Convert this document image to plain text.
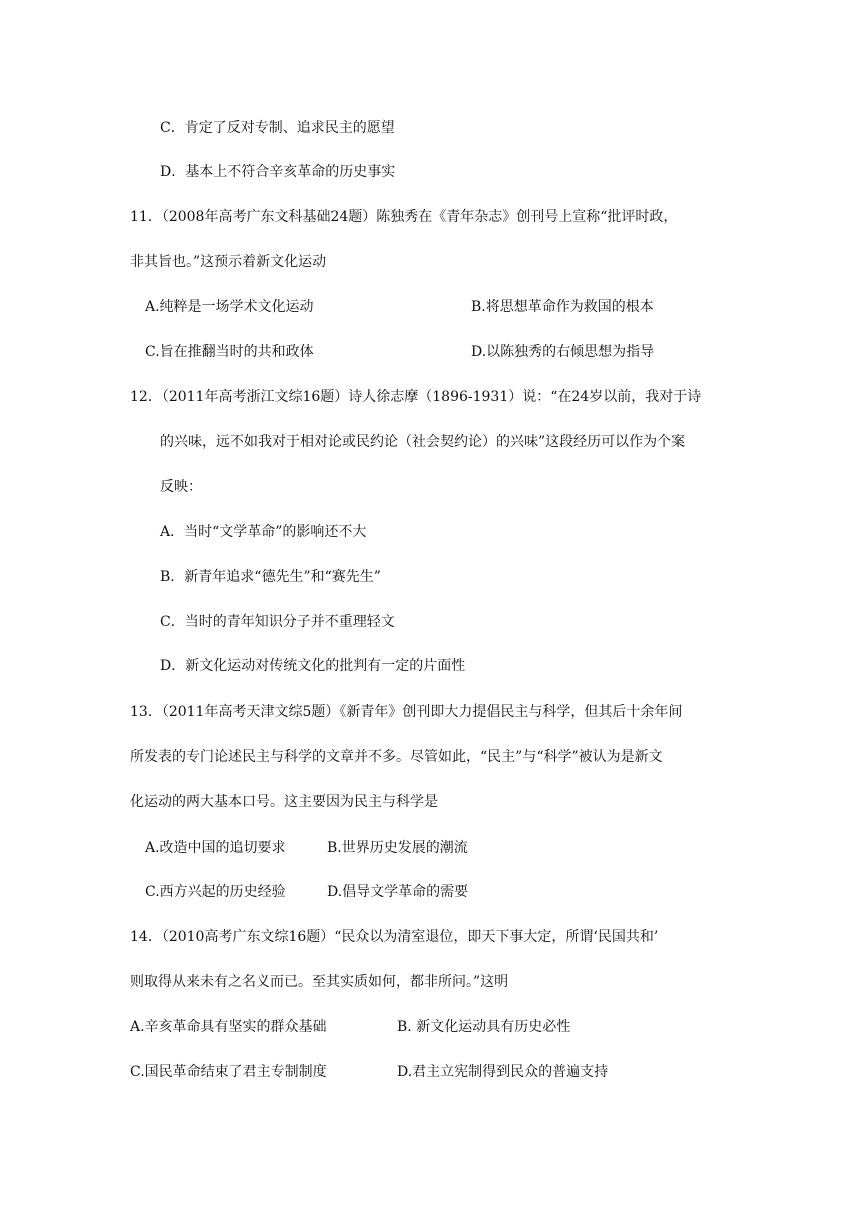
C．肯定了反对专制、追求民主的愿望
D．基本上不符合辛亥革命的历史事实
11．（2008年高考广东文科基础24题）陈独秀在《青年杂志》创刊号上宣称“批评时政，
非其旨也。”这预示着新文化运动
A.纯粹是一场学术文化运动	B.将思想革命作为救国的根本
C.旨在推翻当时的共和政体	D.以陈独秀的右倾思想为指导
12．（2011年高考浙江文综16题）诗人徐志摩（1896-1931）说：“在24岁以前，我对于诗
的兴味，远不如我对于相对论或民约论（社会契约论）的兴味”这段经历可以作为个案
反映：
A．当时“文学革命”的影响还不大
B．新青年追求“德先生”和“赛先生”
C．当时的青年知识分子并不重理轻文
D．新文化运动对传统文化的批判有一定的片面性
13．（2011年高考天津文综5题）《新青年》创刊即大力提倡民主与科学，但其后十余年间
所发表的专门论述民主与科学的文章并不多。尽管如此，“民主”与“科学”被认为是新文
化运动的两大基本口号。这主要因为民主与科学是
A.改造中国的追切要求	B.世界历史发展的潮流
C.西方兴起的历史经验	D.倡导文学革命的需要
14．（2010高考广东文综16题）“民众以为清室退位，即天下事大定，所谓‘民国共和’
则取得从来未有之名义而已。至其实质如何，都非所问。”这明
A.辛亥革命具有坚实的群众基础	B. 新文化运动具有历史必性
C.国民革命结束了君主专制制度	D.君主立宪制得到民众的普遍支持
